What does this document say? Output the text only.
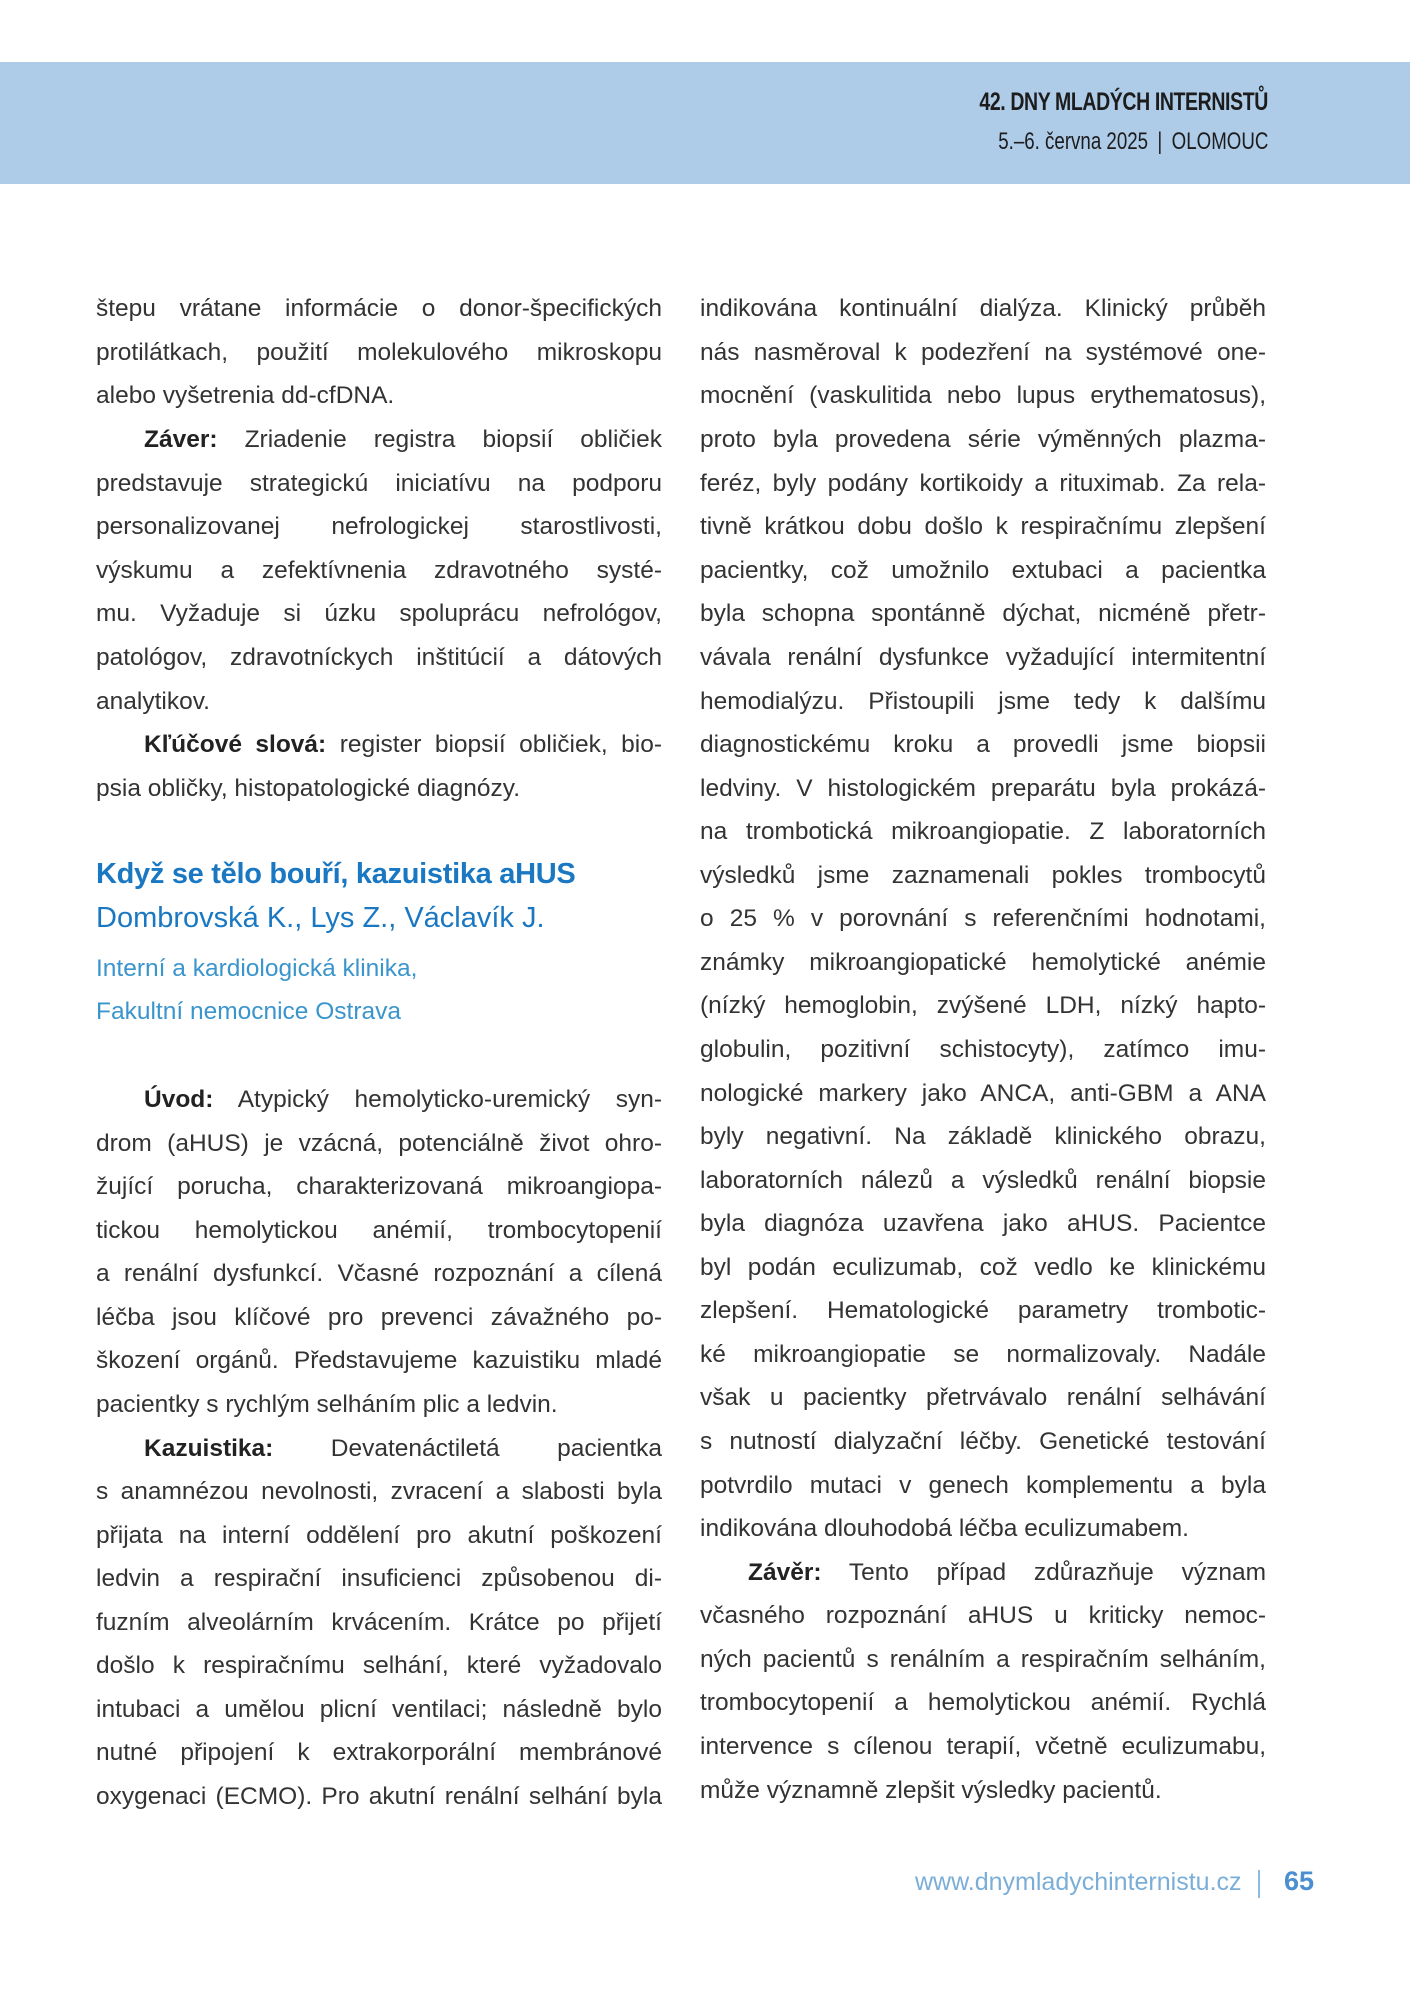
42. DNY MLADÝCH INTERNISTŮ
5.–6. června 2025 | OLOMOUC
štepu vrátane informácie o donor-špecifických
protilátkach, použití molekulového mikroskopu
alebo vyšetrenia dd-cfDNA.
Záver: Zriadenie registra biopsií obličiek
predstavuje strategickú iniciatívu na podporu
personalizovanej nefrologickej starostlivosti,
výskumu a zefektívnenia zdravotného systé-
mu. Vyžaduje si úzku spoluprácu nefrológov,
patológov, zdravotníckych inštitúcií a dátových
analytikov.
Kľúčové slová: register biopsií obličiek, bio-
psia obličky, histopatologické diagnózy.
Když se tělo bouří, kazuistika aHUS
Dombrovská K., Lys Z., Václavík J.
Interní a kardiologická klinika,
Fakultní nemocnice Ostrava
Úvod: Atypický hemolyticko-uremický syn-
drom (aHUS) je vzácná, potenciálně život ohro-
žující porucha, charakterizovaná mikroangiopa-
tickou hemolytickou anémií, trombocytopenií
a renální dysfunkcí. Včasné rozpoznání a cílená
léčba jsou klíčové pro prevenci závažného po-
škození orgánů. Představujeme kazuistiku mladé
pacientky s rychlým selháním plic a ledvin.
Kazuistika: Devatenáctiletá pacientka
s anamnézou nevolnosti, zvracení a slabosti byla
přijata na interní oddělení pro akutní poškození
ledvin a respirační insuficienci způsobenou di-
fuzním alveolárním krvácením. Krátce po přijetí
došlo k respiračnímu selhání, které vyžadovalo
intubaci a umělou plicní ventilaci; následně bylo
nutné připojení k extrakorporální membránové
oxygenaci (ECMO). Pro akutní renální selhání byla
indikována kontinuální dialýza. Klinický průběh
nás nasměroval k podezření na systémové one-
mocnění (vaskulitida nebo lupus erythematosus),
proto byla provedena série výměnných plazma-
feréz, byly podány kortikoidy a rituximab. Za rela-
tivně krátkou dobu došlo k respiračnímu zlepšení
pacientky, což umožnilo extubaci a pacientka
byla schopna spontánně dýchat, nicméně přetr-
vávala renální dysfunkce vyžadující intermitentní
hemodialýzu. Přistoupili jsme tedy k dalšímu
diagnostickému kroku a provedli jsme biopsii
ledviny. V histologickém preparátu byla prokázá-
na trombotická mikroangiopatie. Z laboratorních
výsledků jsme zaznamenali pokles trombocytů
o 25 % v porovnání s referenčními hodnotami,
známky mikroangiopatické hemolytické anémie
(nízký hemoglobin, zvýšené LDH, nízký hapto-
globulin, pozitivní schistocyty), zatímco imu-
nologické markery jako ANCA, anti-GBM a ANA
byly negativní. Na základě klinického obrazu,
laboratorních nálezů a výsledků renální biopsie
byla diagnóza uzavřena jako aHUS. Pacientce
byl podán eculizumab, což vedlo ke klinickému
zlepšení. Hematologické parametry trombotic-
ké mikroangiopatie se normalizovaly. Nadále
však u pacientky přetrvávalo renální selhávání
s nutností dialyzační léčby. Genetické testování
potvrdilo mutaci v genech komplementu a byla
indikována dlouhodobá léčba eculizumabem.
Závěr: Tento případ zdůrazňuje význam
včasného rozpoznání aHUS u kriticky nemoc-
ných pacientů s renálním a respiračním selháním,
trombocytopenií a hemolytickou anémií. Rychlá
intervence s cílenou terapií, včetně eculizumabu,
může významně zlepšit výsledky pacientů.
www.dnymladychinternistu.cz 65
